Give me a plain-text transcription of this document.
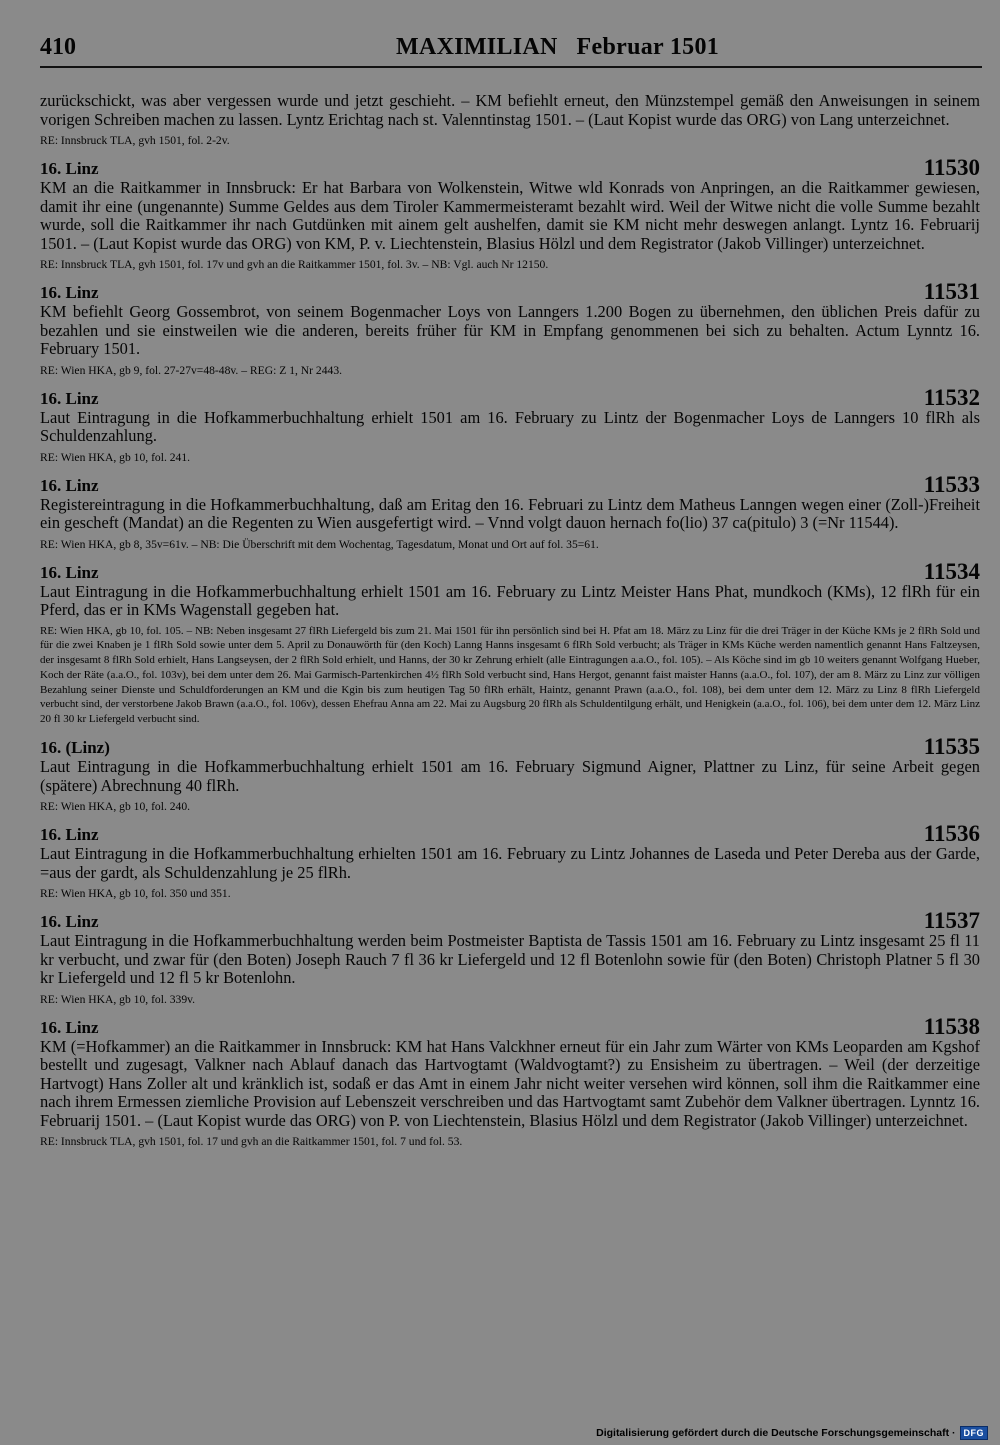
410	MAXIMILIAN   Februar 1501
zurückschickt, was aber vergessen wurde und jetzt geschieht. – KM befiehlt erneut, den Münzstempel gemäß den Anweisungen in seinem vorigen Schreiben machen zu lassen. Lyntz Erichtag nach st. Valenntinstag 1501. – (Laut Kopist wurde das ORG) von Lang unterzeichnet.
RE: Innsbruck TLA, gvh 1501, fol. 2-2v.
16. Linz	11530
KM an die Raitkammer in Innsbruck: Er hat Barbara von Wolkenstein, Witwe wld Konrads von Anpringen, an die Raitkammer gewiesen, damit ihr eine (ungenannte) Summe Geldes aus dem Tiroler Kammermeisteramt bezahlt wird. Weil der Witwe nicht die volle Summe bezahlt wurde, soll die Raitkammer ihr nach Gutdünken mit ainem gelt aushelfen, damit sie KM nicht mehr deswegen anlangt. Lyntz 16. Februarij 1501. – (Laut Kopist wurde das ORG) von KM, P. v. Liechtenstein, Blasius Hölzl und dem Registrator (Jakob Villinger) unterzeichnet.
RE: Innsbruck TLA, gvh 1501, fol. 17v und gvh an die Raitkammer 1501, fol. 3v. – NB: Vgl. auch Nr 12150.
16. Linz	11531
KM befiehlt Georg Gossembrot, von seinem Bogenmacher Loys von Lanngers 1.200 Bogen zu übernehmen, den üblichen Preis dafür zu bezahlen und sie einstweilen wie die anderen, bereits früher für KM in Empfang genommenen bei sich zu behalten. Actum Lynntz 16. February 1501.
RE: Wien HKA, gb 9, fol. 27-27v=48-48v. – REG: Z 1, Nr 2443.
16. Linz	11532
Laut Eintragung in die Hofkammerbuchhaltung erhielt 1501 am 16. February zu Lintz der Bogenmacher Loys de Lanngers 10 flRh als Schuldenzahlung.
RE: Wien HKA, gb 10, fol. 241.
16. Linz	11533
Registereintragung in die Hofkammerbuchhaltung, daß am Eritag den 16. Februari zu Lintz dem Matheus Lanngen wegen einer (Zoll-)Freiheit ein gescheft (Mandat) an die Regenten zu Wien ausgefertigt wird. – Vnnd volgt dauon hernach fo(lio) 37 ca(pitulo) 3 (=Nr 11544).
RE: Wien HKA, gb 8, 35v=61v. – NB: Die Überschrift mit dem Wochentag, Tagesdatum, Monat und Ort auf fol. 35=61.
16. Linz	11534
Laut Eintragung in die Hofkammerbuchhaltung erhielt 1501 am 16. February zu Lintz Meister Hans Phat, mundkoch (KMs), 12 flRh für ein Pferd, das er in KMs Wagenstall gegeben hat.
RE: Wien HKA, gb 10, fol. 105. – NB: Neben insgesamt 27 flRh Liefergeld bis zum 21. Mai 1501 für ihn persönlich sind bei H. Pfat am 18. März zu Linz für die drei Träger in der Küche KMs je 2 flRh Sold und für die zwei Knaben je 1 flRh Sold sowie unter dem 5. April zu Donauwörth für (den Koch) Lanng Hanns insgesamt 6 flRh Sold verbucht; als Träger in KMs Küche werden namentlich genannt Hans Faltzeysen, der insgesamt 8 flRh Sold erhielt, Hans Langseysen, der 2 flRh Sold erhielt, und Hanns, der 30 kr Zehrung erhielt (alle Eintragungen a.a.O., fol. 105). – Als Köche sind im gb 10 weiters genannt Wolfgang Hueber, Koch der Räte (a.a.O., fol. 103v), bei dem unter dem 26. Mai Garmisch-Partenkirchen 4½ flRh Sold verbucht sind, Hans Hergot, genannt faist maister Hanns (a.a.O., fol. 107), der am 8. März zu Linz zur völligen Bezahlung seiner Dienste und Schuldforderungen an KM und die Kgin bis zum heutigen Tag 50 flRh erhält, Haintz, genannt Prawn (a.a.O., fol. 108), bei dem unter dem 12. März zu Linz 8 flRh Liefergeld verbucht sind, der verstorbene Jakob Brawn (a.a.O., fol. 106v), dessen Ehefrau Anna am 22. Mai zu Augsburg 20 flRh als Schuldentilgung erhält, und Henigkein (a.a.O., fol. 106), bei dem unter dem 12. März Linz 20 fl 30 kr Liefergeld verbucht sind.
16. (Linz)	11535
Laut Eintragung in die Hofkammerbuchhaltung erhielt 1501 am 16. February Sigmund Aigner, Plattner zu Linz, für seine Arbeit gegen (spätere) Abrechnung 40 flRh.
RE: Wien HKA, gb 10, fol. 240.
16. Linz	11536
Laut Eintragung in die Hofkammerbuchhaltung erhielten 1501 am 16. February zu Lintz Johannes de Laseda und Peter Dereba aus der Garde, =aus der gardt, als Schuldenzahlung je 25 flRh.
RE: Wien HKA, gb 10, fol. 350 und 351.
16. Linz	11537
Laut Eintragung in die Hofkammerbuchhaltung werden beim Postmeister Baptista de Tassis 1501 am 16. February zu Lintz insgesamt 25 fl 11 kr verbucht, und zwar für (den Boten) Joseph Rauch 7 fl 36 kr Liefergeld und 12 fl Botenlohn sowie für (den Boten) Christoph Platner 5 fl 30 kr Liefergeld und 12 fl 5 kr Botenlohn.
RE: Wien HKA, gb 10, fol. 339v.
16. Linz	11538
KM (=Hofkammer) an die Raitkammer in Innsbruck: KM hat Hans Valckhner erneut für ein Jahr zum Wärter von KMs Leoparden am Kgshof bestellt und zugesagt, Valkner nach Ablauf danach das Hartvogtamt (Waldvogtamt?) zu Ensisheim zu übertragen. – Weil (der derzeitige Hartvogt) Hans Zoller alt und kränklich ist, sodaß er das Amt in einem Jahr nicht weiter versehen wird können, soll ihm die Raitkammer eine nach ihrem Ermessen ziemliche Provision auf Lebenszeit verschreiben und das Hartvogtamt samt Zubehör dem Valkner übertragen. Lynntz 16. Februarij 1501. – (Laut Kopist wurde das ORG) von P. von Liechtenstein, Blasius Hölzl und dem Registrator (Jakob Villinger) unterzeichnet.
RE: Innsbruck TLA, gvh 1501, fol. 17 und gvh an die Raitkammer 1501, fol. 7 und fol. 53.
Digitalisierung gefördert durch die Deutsche Forschungsgemeinschaft · DFG
